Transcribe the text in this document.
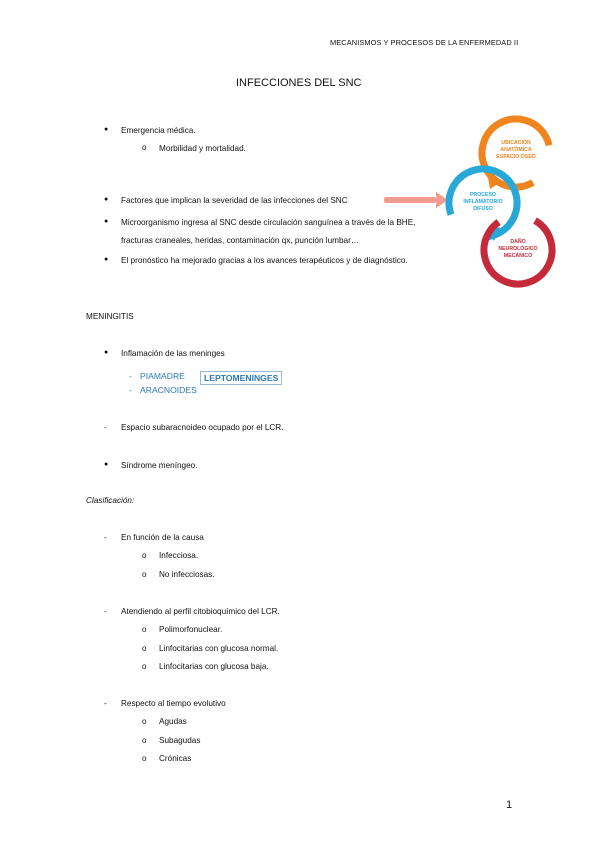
MECANISMOS Y PROCESOS DE LA ENFERMEDAD II
INFECCIONES DEL SNC
● Emergencia médica.
o Morbilidad y mortalidad.
● Factores que implican la severidad de las infecciones del SNC
● Microorganismo ingresa al SNC desde circulación sanguínea a través de la BHE,
fracturas craneales, heridas, contaminación qx, punción lumbar…
● El pronóstico ha mejorado gracias a los avances terapéuticos y de diagnóstico.
UBICACIÓN
ANATÓMICA
ESPACIO ÓSEO
PROCESO
INFLAMATORIO
DIFUSO
DAÑO
NEUROLÓGICO
MECÁNICO
MENINGITIS
● Inflamación de las meninges
- PIAMADRE
- ARACNOIDES
LEPTOMENINGES
- Espacio subaracnoideo ocupado por el LCR.
● Síndrome meníngeo.
Clasificación:
- En función de la causa
o Infecciosa.
o No infecciosas.
- Atendiendo al perfil citobioquímico del LCR.
o Polimorfonuclear.
o Linfocitarias con glucosa normal.
o Linfocitarias con glucosa baja.
- Respecto al tiempo evolutivo
o Agudas
o Subagudas
o Crónicas
1
